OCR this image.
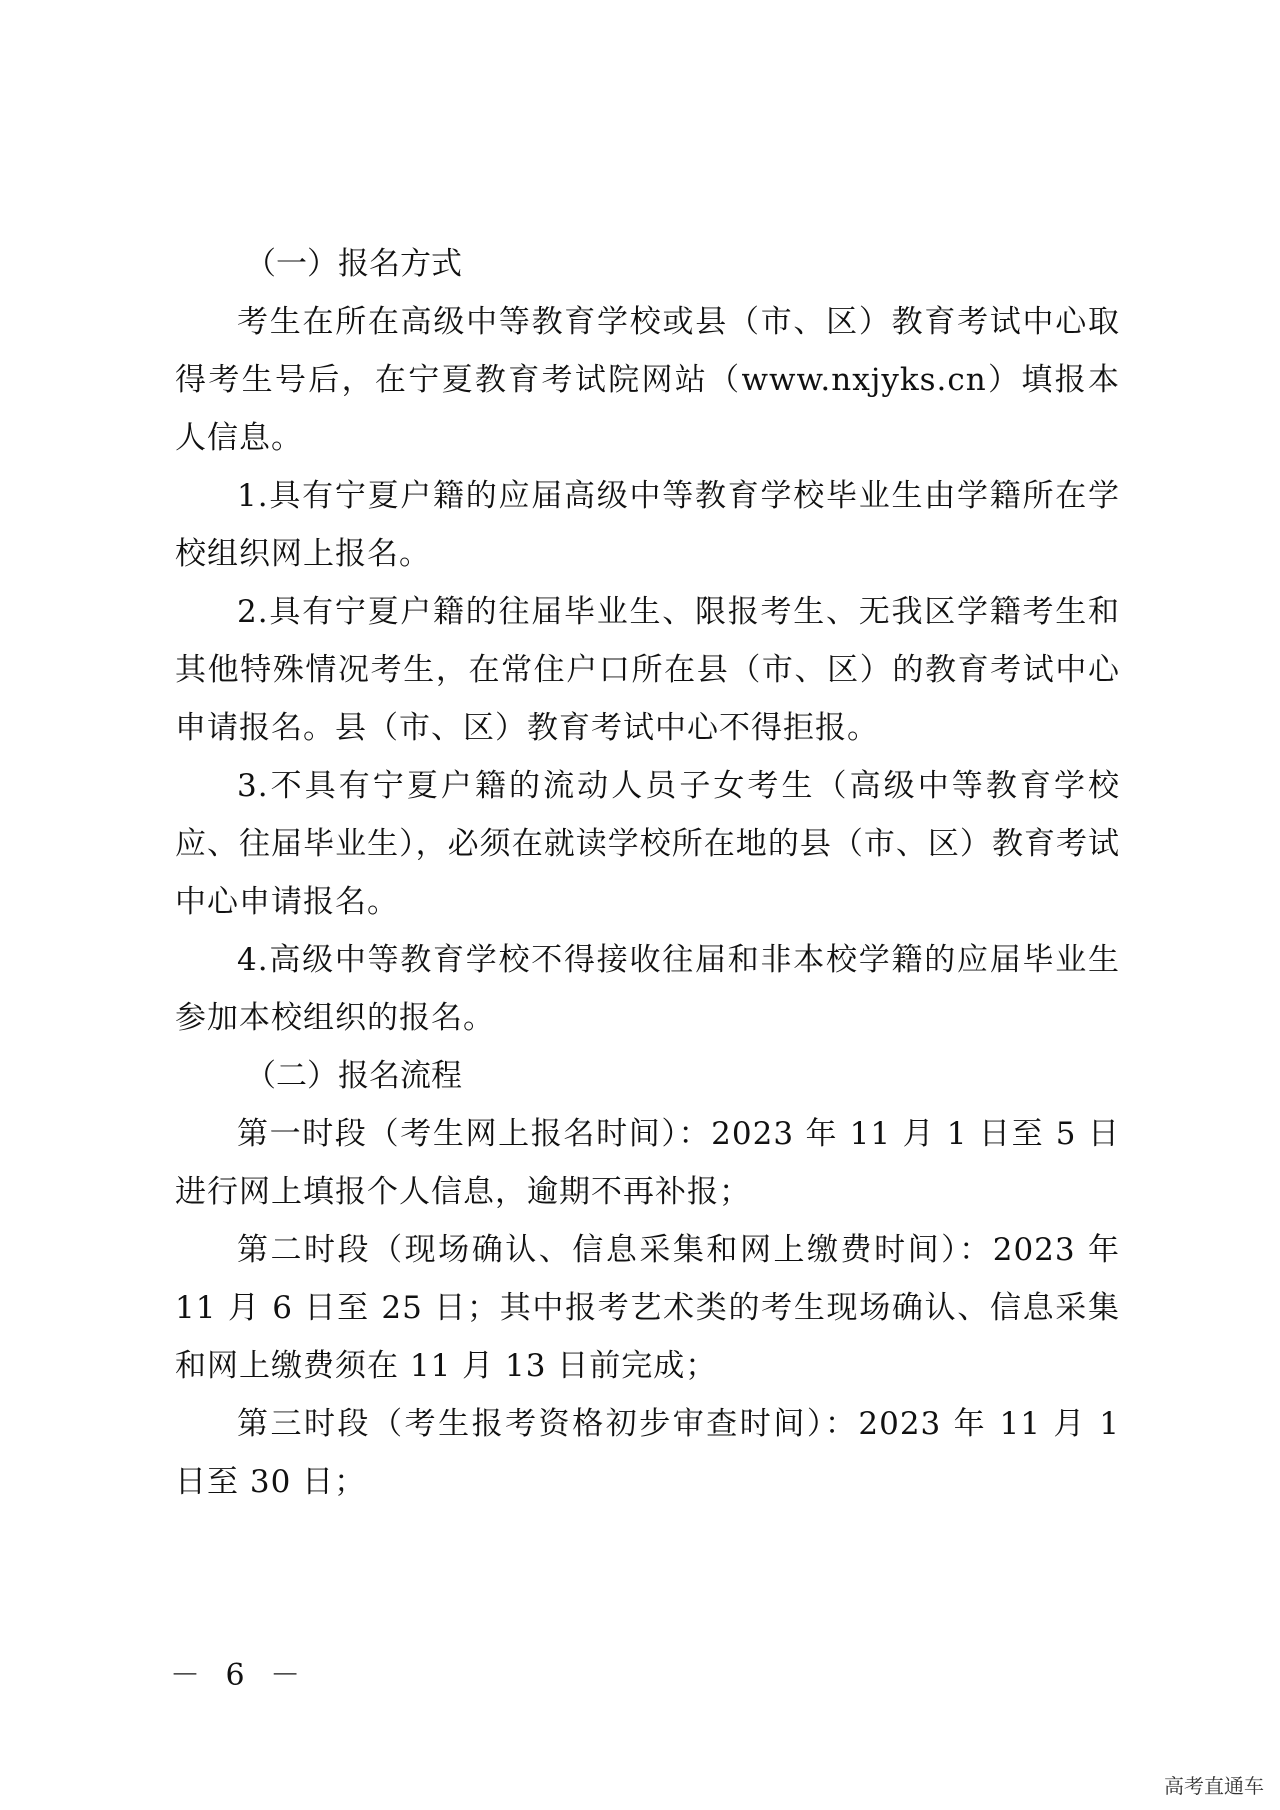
（一）报名方式

考生在所在高级中等教育学校或县（市、区）教育考试中心取得考生号后，在宁夏教育考试院网站（www.nxjyks.cn）填报本人信息。

1.具有宁夏户籍的应届高级中等教育学校毕业生由学籍所在学校组织网上报名。

2.具有宁夏户籍的往届毕业生、限报考生、无我区学籍考生和其他特殊情况考生，在常住户口所在县（市、区）的教育考试中心申请报名。县（市、区）教育考试中心不得拒报。

3.不具有宁夏户籍的流动人员子女考生（高级中等教育学校应、往届毕业生），必须在就读学校所在地的县（市、区）教育考试中心申请报名。

4.高级中等教育学校不得接收往届和非本校学籍的应届毕业生参加本校组织的报名。

（二）报名流程

第一时段（考生网上报名时间）：2023 年 11 月 1 日至 5 日进行网上填报个人信息，逾期不再补报；

第二时段（现场确认、信息采集和网上缴费时间）：2023 年 11 月 6 日至 25 日；其中报考艺术类的考生现场确认、信息采集和网上缴费须在 11 月 13 日前完成；

第三时段（考生报考资格初步审查时间）：2023 年 11 月 1 日至 30 日；

－ 6 －
高考直通车
